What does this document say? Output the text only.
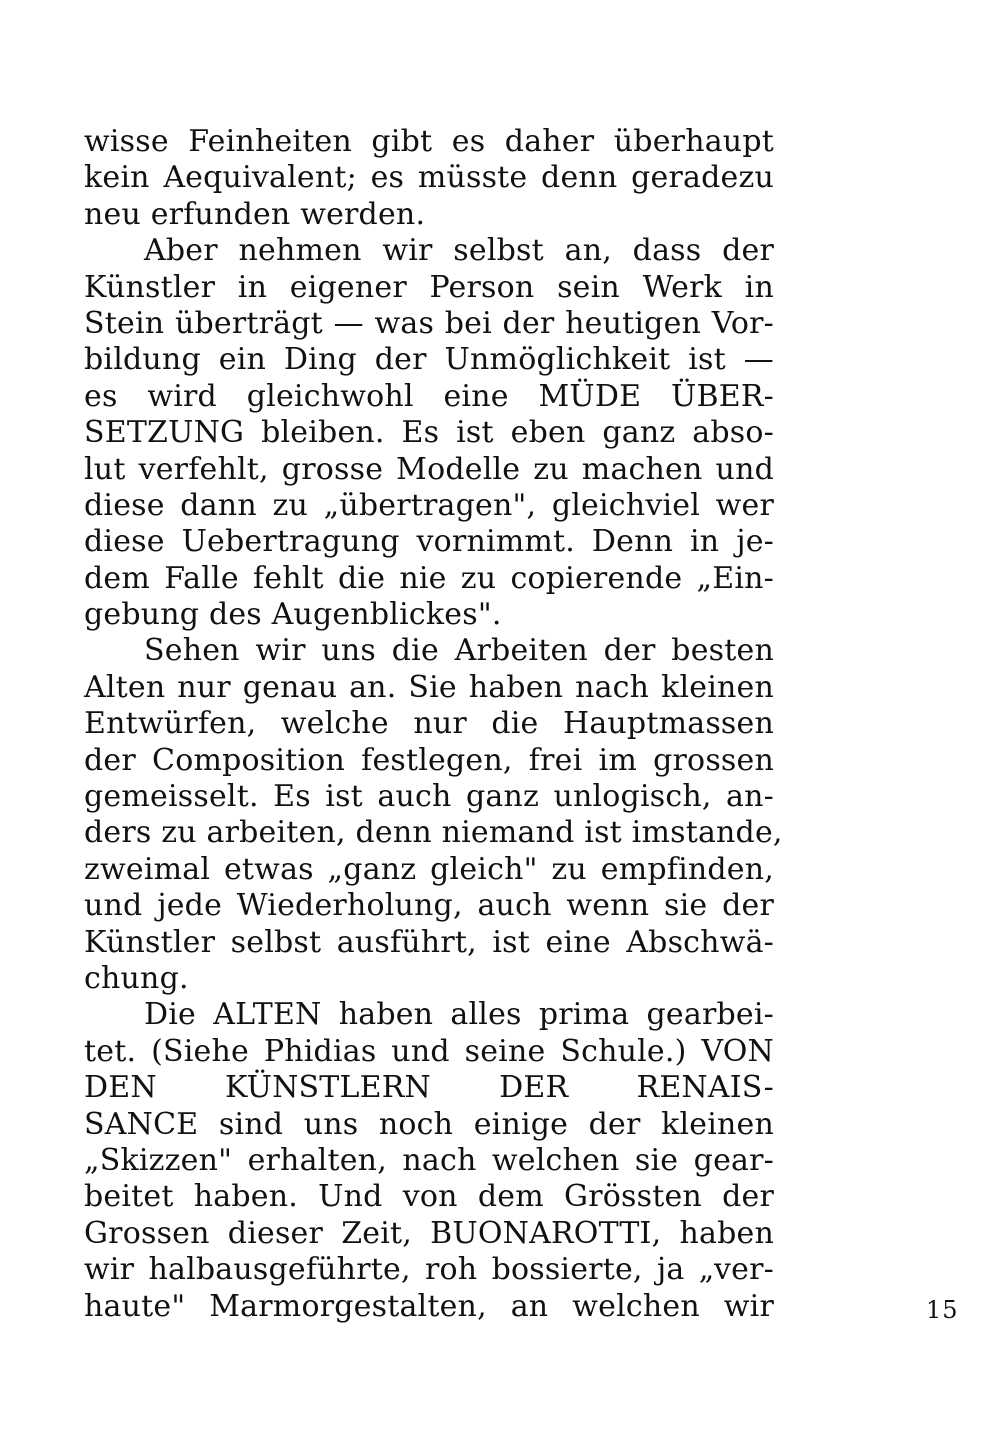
wisse Feinheiten gibt es daher überhaupt
kein Aequivalent; es müsste denn geradezu
neu erfunden werden.
Aber nehmen wir selbst an, dass der
Künstler in eigener Person sein Werk in
Stein überträgt — was bei der heutigen Vor-
bildung ein Ding der Unmöglichkeit ist —
es wird gleichwohl eine MÜDE ÜBER-
SETZUNG bleiben. Es ist eben ganz abso-
lut verfehlt, grosse Modelle zu machen und
diese dann zu „übertragen", gleichviel wer
diese Uebertragung vornimmt. Denn in je-
dem Falle fehlt die nie zu copierende „Ein-
gebung des Augenblickes".
Sehen wir uns die Arbeiten der besten
Alten nur genau an. Sie haben nach kleinen
Entwürfen, welche nur die Hauptmassen
der Composition festlegen, frei im grossen
gemeisselt. Es ist auch ganz unlogisch, an-
ders zu arbeiten, denn niemand ist imstande,
zweimal etwas „ganz gleich" zu empfinden,
und jede Wiederholung, auch wenn sie der
Künstler selbst ausführt, ist eine Abschwä-
chung.
Die ALTEN haben alles prima gearbei-
tet. (Siehe Phidias und seine Schule.) VON
DEN KÜNSTLERN DER RENAIS-
SANCE sind uns noch einige der kleinen
„Skizzen" erhalten, nach welchen sie gear-
beitet haben. Und von dem Grössten der
Grossen dieser Zeit, BUONAROTTI, haben
wir halbausgeführte, roh bossierte, ja „ver-
haute" Marmorgestalten, an welchen wir	15
